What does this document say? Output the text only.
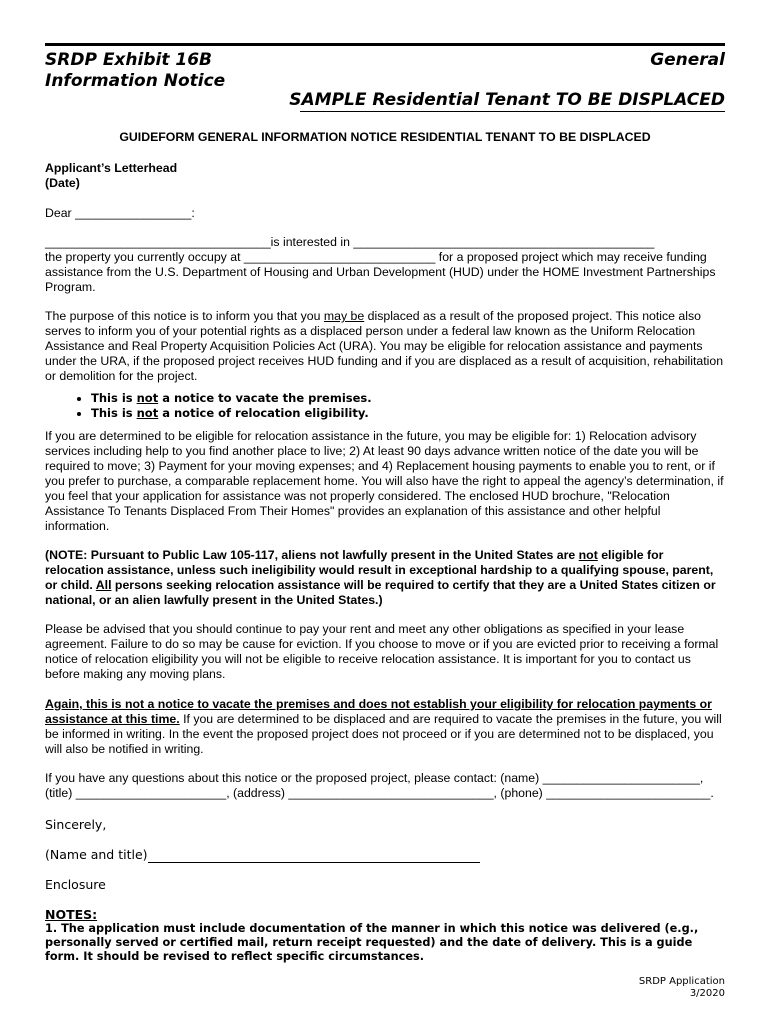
SRDP Exhibit 16B
Information Notice
General
SAMPLE Residential Tenant TO BE DISPLACED
GUIDEFORM GENERAL INFORMATION NOTICE RESIDENTIAL TENANT TO BE DISPLACED
Applicant’s Letterhead
(Date)
Dear _________________:
_________________________________is interested in ____________________________________________
the property you currently occupy at ____________________________ for a proposed project which may receive funding assistance from the U.S. Department of Housing and Urban Development (HUD) under the HOME Investment Partnerships Program.
The purpose of this notice is to inform you that you may be displaced as a result of the proposed project. This notice also serves to inform you of your potential rights as a displaced person under a federal law known as the Uniform Relocation Assistance and Real Property Acquisition Policies Act (URA). You may be eligible for relocation assistance and payments under the URA, if the proposed project receives HUD funding and if you are displaced as a result of acquisition, rehabilitation or demolition for the project.
• This is not a notice to vacate the premises.
• This is not a notice of relocation eligibility.
If you are determined to be eligible for relocation assistance in the future, you may be eligible for: 1) Relocation advisory services including help to you find another place to live; 2) At least 90 days advance written notice of the date you will be required to move; 3) Payment for your moving expenses; and 4) Replacement housing payments to enable you to rent, or if you prefer to purchase, a comparable replacement home. You will also have the right to appeal the agency’s determination, if you feel that your application for assistance was not properly considered. The enclosed HUD brochure, "Relocation Assistance To Tenants Displaced From Their Homes" provides an explanation of this assistance and other helpful information.
(NOTE: Pursuant to Public Law 105-117, aliens not lawfully present in the United States are not eligible for relocation assistance, unless such ineligibility would result in exceptional hardship to a qualifying spouse, parent, or child. All persons seeking relocation assistance will be required to certify that they are a United States citizen or national, or an alien lawfully present in the United States.)
Please be advised that you should continue to pay your rent and meet any other obligations as specified in your lease agreement. Failure to do so may be cause for eviction. If you choose to move or if you are evicted prior to receiving a formal notice of relocation eligibility you will not be eligible to receive relocation assistance. It is important for you to contact us before making any moving plans.
Again, this is not a notice to vacate the premises and does not establish your eligibility for relocation payments or assistance at this time. If you are determined to be displaced and are required to vacate the premises in the future, you will be informed in writing. In the event the proposed project does not proceed or if you are determined not to be displaced, you will also be notified in writing.
If you have any questions about this notice or the proposed project, please contact: (name) _______________________, (title) ______________________, (address) ______________________________, (phone) ________________________.
Sincerely,
(Name and title)
Enclosure
NOTES:
1. The application must include documentation of the manner in which this notice was delivered (e.g., personally served or certified mail, return receipt requested) and the date of delivery. This is a guide form. It should be revised to reflect specific circumstances.
SRDP Application
3/2020
